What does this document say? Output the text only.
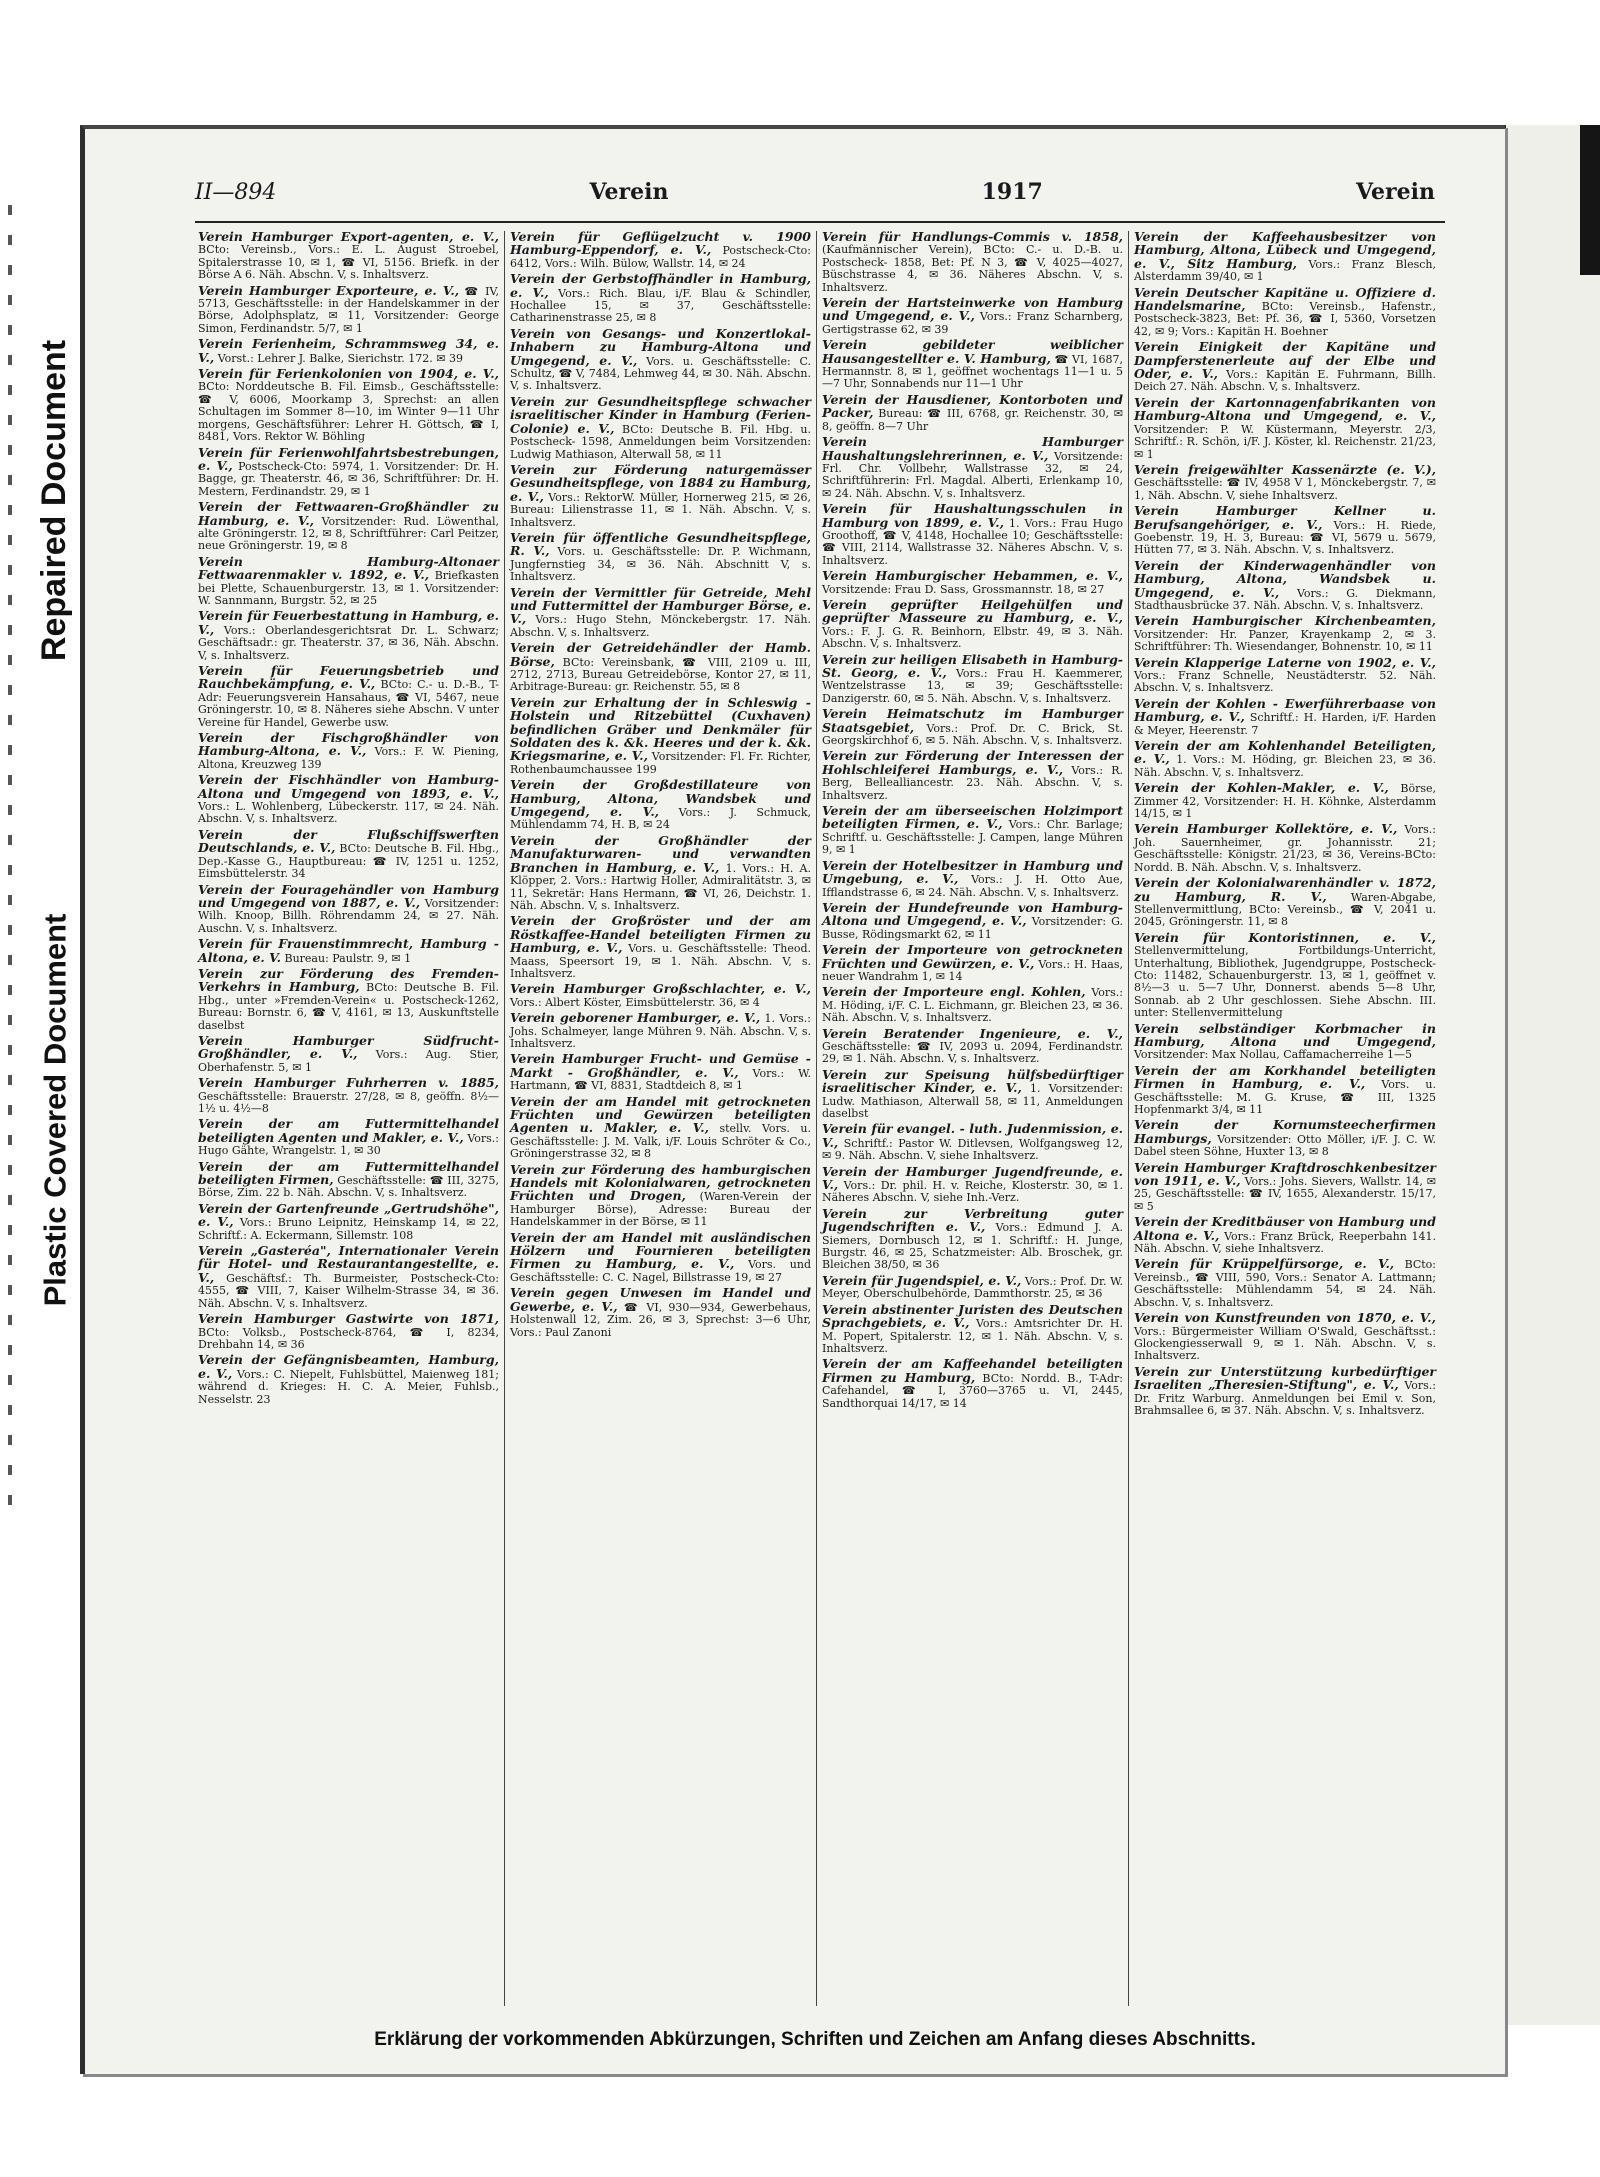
Repaired Document
Plastic Covered Document
II—894	Verein	1917	Verein

Verein Hamburger Export-agenten, e. V., BCto: Vereinsb., Vors.: E. L. August Stroebel, Spitalerstrasse 10, ✉ 1, ☎ VI, 5156. Briefk. in der Börse A 6. Näh. Abschn. V, s. Inhaltsverz.

Verein Hamburger Exporteure, e. V., ☎ IV, 5713, Geschäftsstelle: in der Handelskammer in der Börse, Adolphsplatz, ✉ 11, Vorsitzender: George Simon, Ferdinandstr. 5/7, ✉ 1

Verein Ferienheim, Schrammsweg 34, e. V., Vorst.: Lehrer J. Balke, Sierichstr. 172. ✉ 39

Verein für Ferienkolonien von 1904, e. V., BCto: Norddeutsche B. Fil. Eimsb., Geschäftsstelle: ☎ V, 6006, Moorkamp 3, Sprechst: an allen Schultagen im Sommer 8—10, im Winter 9—11 Uhr morgens, Geschäftsführer: Lehrer H. Göttsch, ☎ I, 8481, Vors. Rektor W. Böhling

Verein für Ferienwohlfahrtsbestrebungen, e. V., Postscheck-Cto: 5974, 1. Vorsitzender: Dr. H. Bagge, gr. Theaterstr. 46, ✉ 36, Schriftführer: Dr. H. Mestern, Ferdinandstr. 29, ✉ 1

Verein der Fettwaaren-Großhändler zu Hamburg, e. V., Vorsitzender: Rud. Löwenthal, alte Gröningerstr. 12, ✉ 8, Schriftführer: Carl Peitzer, neue Gröningerstr. 19, ✉ 8

Verein Hamburg-Altonaer Fettwaarenmakler v. 1892, e. V., Briefkasten bei Plette, Schauenburgerstr. 13, ✉ 1. Vorsitzender: W. Sannmann, Burgstr. 52, ✉ 25

Verein für Feuerbestattung in Hamburg, e. V., Vors.: Oberlandesgerichtsrat Dr. L. Schwarz; Geschäftsadr.: gr. Theaterstr. 37, ✉ 36, Näh. Abschn. V, s. Inhaltsverz.

Verein für Feuerungsbetrieb und Rauchbekämpfung, e. V., BCto: C.- u. D.-B., T-Adr: Feuerungsverein Hansahaus, ☎ VI, 5467, neue Gröningerstr. 10, ✉ 8. Näheres siehe Abschn. V unter Vereine für Handel, Gewerbe usw.

Verein der Fischgroßhändler von Hamburg-Altona, e. V., Vors.: F. W. Piening, Altona, Kreuzweg 139

Verein der Fischhändler von Hamburg-Altona und Umgegend von 1893, e. V., Vors.: L. Wohlenberg, Lübeckerstr. 117, ✉ 24. Näh. Abschn. V, s. Inhaltsverz.

Verein der Flußschiffswerften Deutschlands, e. V., BCto: Deutsche B. Fil. Hbg., Dep.-Kasse G., Hauptbureau: ☎ IV, 1251 u. 1252, Eimsbüttelerstr. 34

Verein der Fouragehändler von Hamburg und Umgegend von 1887, e. V., Vorsitzender: Wilh. Knoop, Billh. Röhrendamm 24, ✉ 27. Näh. Auschn. V, s. Inhaltsverz.

Verein für Frauenstimmrecht, Hamburg - Altona, e. V. Bureau: Paulstr. 9, ✉ 1

Verein zur Förderung des Fremden-Verkehrs in Hamburg, BCto: Deutsche B. Fil. Hbg., unter »Fremden-Verein« u. Postscheck-1262, Bureau: Bornstr. 6, ☎ V, 4161, ✉ 13, Auskunftstelle daselbst

Verein Hamburger Südfrucht-Großhändler, e. V., Vors.: Aug. Stier, Oberhafenstr. 5, ✉ 1

Verein Hamburger Fuhrherren v. 1885, Geschäftsstelle: Brauerstr. 27/28, ✉ 8, geöffn. 8½—1½ u. 4½—8

Verein der am Futtermittelhandel beteiligten Agenten und Makler, e. V., Vors.: Hugo Gähte, Wrangelstr. 1, ✉ 30

Verein der am Futtermittelhandel beteiligten Firmen, Geschäftsstelle: ☎ III, 3275, Börse, Zim. 22 b. Näh. Abschn. V, s. Inhaltsverz.

Verein der Gartenfreunde „Gertrudshöhe", e. V., Vors.: Bruno Leipnitz, Heinskamp 14, ✉ 22, Schriftf.: A. Eckermann, Sillemstr. 108

Verein „Gasteréa", Internationaler Verein für Hotel- und Restaurantangestellte, e. V., Geschäftsf.: Th. Burmeister, Postscheck-Cto: 4555, ☎ VIII, 7, Kaiser Wilhelm-Strasse 34, ✉ 36. Näh. Abschn. V, s. Inhaltsverz.

Verein Hamburger Gastwirte von 1871, BCto: Volksb., Postscheck-8764, ☎ I, 8234, Drehbahn 14, ✉ 36

Verein der Gefängnisbeamten, Hamburg, e. V., Vors.: C. Niepelt, Fuhlsbüttel, Maienweg 181; während d. Krieges: H. C. A. Meier, Fuhlsb., Nesselstr. 23

Verein für Geflügelzucht v. 1900 Hamburg-Eppendorf, e. V., Postscheck-Cto: 6412, Vors.: Wilh. Bülow, Wallstr. 14, ✉ 24

Verein der Gerbstoffhändler in Hamburg, e. V., Vors.: Rich. Blau, i/F. Blau & Schindler, Hochallee 15, ✉ 37, Geschäftsstelle: Catharinenstrasse 25, ✉ 8

Verein von Gesangs- und Konzertlokal-Inhabern zu Hamburg-Altona und Umgegend, e. V., Vors. u. Geschäftsstelle: C. Schultz, ☎ V, 7484, Lehmweg 44, ✉ 30. Näh. Abschn. V, s. Inhaltsverz.

Verein zur Gesundheitspflege schwacher israelitischer Kinder in Hamburg (Ferien-Colonie) e. V., BCto: Deutsche B. Fil. Hbg. u. Postscheck- 1598, Anmeldungen beim Vorsitzenden: Ludwig Mathiason, Alterwall 58, ✉ 11

Verein zur Förderung naturgemässer Gesundheitspflege, von 1884 zu Hamburg, e. V., Vors.: RektorW. Müller, Hornerweg 215, ✉ 26, Bureau: Lilienstrasse 11, ✉ 1. Näh. Abschn. V, s. Inhaltsverz.

Verein für öffentliche Gesundheitspflege, R. V., Vors. u. Geschäftsstelle: Dr. P. Wichmann, Jungfernstieg 34, ✉ 36. Näh. Abschnitt V, s. Inhaltsverz.

Verein der Vermittler für Getreide, Mehl und Futtermittel der Hamburger Börse, e. V., Vors.: Hugo Stehn, Mönckebergstr. 17. Näh. Abschn. V, s. Inhaltsverz.

Verein der Getreidehändler der Hamb. Börse, BCto: Vereinsbank, ☎ VIII, 2109 u. III, 2712, 2713, Bureau Getreidebörse, Kontor 27, ✉ 11, Arbitrage-Bureau: gr. Reichenstr. 55, ✉ 8

Verein zur Erhaltung der in Schleswig - Holstein und Ritzebüttel (Cuxhaven) befindlichen Gräber und Denkmäler für Soldaten des k. &k. Heeres und der k. &k. Kriegsmarine, e. V., Vorsitzender: Fl. Fr. Richter, Rothenbaumchaussee 199

Verein der Großdestillateure von Hamburg, Altona, Wandsbek und Umgegend, e. V., Vors.: J. Schmuck, Mühlendamm 74, H. B, ✉ 24

Verein der Großhändler der Manufakturwaren- und verwandten Branchen in Hamburg, e. V., 1. Vors.: H. A. Klöpper, 2. Vors.: Hartwig Holler, Admiralitätstr. 3, ✉ 11, Sekretär: Hans Hermann, ☎ VI, 26, Deichstr. 1. Näh. Abschn. V, s. Inhaltsverz.

Verein der Großröster und der am Röstkaffee-Handel beteiligten Firmen zu Hamburg, e. V., Vors. u. Geschäftsstelle: Theod. Maass, Speersort 19, ✉ 1. Näh. Abschn. V, s. Inhaltsverz.

Verein Hamburger Großschlachter, e. V., Vors.: Albert Köster, Eimsbüttelerstr. 36, ✉ 4

Verein geborener Hamburger, e. V., 1. Vors.: Johs. Schalmeyer, lange Mühren 9. Näh. Abschn. V, s. Inhaltsverz.

Verein Hamburger Frucht- und Gemüse - Markt - Großhändler, e. V., Vors.: W. Hartmann, ☎ VI, 8831, Stadtdeich 8, ✉ 1

Verein der am Handel mit getrockneten Früchten und Gewürzen beteiligten Agenten u. Makler, e. V., stellv. Vors. u. Geschäftsstelle: J. M. Valk, i/F. Louis Schröter & Co., Gröningerstrasse 32, ✉ 8

Verein zur Förderung des hamburgischen Handels mit Kolonialwaren, getrockneten Früchten und Drogen, (Waren-Verein der Hamburger Börse), Adresse: Bureau der Handelskammer in der Börse, ✉ 11

Verein der am Handel mit ausländischen Hölzern und Fournieren beteiligten Firmen zu Hamburg, e. V., Vors. und Geschäftsstelle: C. C. Nagel, Billstrasse 19, ✉ 27

Verein gegen Unwesen im Handel und Gewerbe, e. V., ☎ VI, 930—934, Gewerbehaus, Holstenwall 12, Zim. 26, ✉ 3, Sprechst: 3—6 Uhr, Vors.: Paul Zanoni

Verein für Handlungs-Commis v. 1858, (Kaufmännischer Verein), BCto: C.- u. D.-B. u. Postscheck- 1858, Bet: Pf. N 3, ☎ V, 4025—4027, Büschstrasse 4, ✉ 36. Näheres Abschn. V, s. Inhaltsverz.

Verein der Hartsteinwerke von Hamburg und Umgegend, e. V., Vors.: Franz Scharnberg, Gertigstrasse 62, ✉ 39

Verein gebildeter weiblicher Hausangestellter e. V. Hamburg, ☎ VI, 1687, Hermannstr. 8, ✉ 1, geöffnet wochentags 11—1 u. 5—7 Uhr, Sonnabends nur 11—1 Uhr

Verein der Hausdiener, Kontorboten und Packer, Bureau: ☎ III, 6768, gr. Reichenstr. 30, ✉ 8, geöffn. 8—7 Uhr

Verein Hamburger Haushaltungslehrerinnen, e. V., Vorsitzende: Frl. Chr. Vollbehr, Wallstrasse 32, ✉ 24, Schriftführerin: Frl. Magdal. Alberti, Erlenkamp 10, ✉ 24. Näh. Abschn. V, s. Inhaltsverz.

Verein für Haushaltungsschulen in Hamburg von 1899, e. V., 1. Vors.: Frau Hugo Groothoff, ☎ V, 4148, Hochallee 10; Geschäftsstelle: ☎ VIII, 2114, Wallstrasse 32. Näheres Abschn. V, s. Inhaltsverz.

Verein Hamburgischer Hebammen, e. V., Vorsitzende: Frau D. Sass, Grossmannstr. 18, ✉ 27

Verein geprüfter Heilgehülfen und geprüfter Masseure zu Hamburg, e. V., Vors.: F. J. G. R. Beinhorn, Elbstr. 49, ✉ 3. Näh. Abschn. V, s. Inhaltsverz.

Verein zur heiligen Elisabeth in Hamburg-St. Georg, e. V., Vors.: Frau H. Kaemmerer, Wentzelstrasse 13, ✉ 39; Geschäftsstelle: Danzigerstr. 60, ✉ 5. Näh. Abschn. V, s. Inhaltsverz.

Verein Heimatschutz im Hamburger Staatsgebiet, Vors.: Prof. Dr. C. Brick, St. Georgskirchhof 6, ✉ 5. Näh. Abschn. V, s. Inhaltsverz.

Verein zur Förderung der Interessen der Hohlschleiferei Hamburgs, e. V., Vors.: R. Berg, Bellealliancestr. 23. Näh. Abschn. V, s. Inhaltsverz.

Verein der am überseeischen Holzimport beteiligten Firmen, e. V., Vors.: Chr. Barlage; Schriftf. u. Geschäftsstelle: J. Campen, lange Mühren 9, ✉ 1

Verein der Hotelbesitzer in Hamburg und Umgebung, e. V., Vors.: J. H. Otto Aue, Ifflandstrasse 6, ✉ 24. Näh. Abschn. V, s. Inhaltsverz.

Verein der Hundefreunde von Hamburg-Altona und Umgegend, e. V., Vorsitzender: G. Busse, Rödingsmarkt 62, ✉ 11

Verein der Importeure von getrockneten Früchten und Gewürzen, e. V., Vors.: H. Haas, neuer Wandrahm 1, ✉ 14

Verein der Importeure engl. Kohlen, Vors.: M. Höding, i/F. C. L. Eichmann, gr. Bleichen 23, ✉ 36. Näh. Abschn. V, s. Inhaltsverz.

Verein Beratender Ingenieure, e. V., Geschäftsstelle: ☎ IV, 2093 u. 2094, Ferdinandstr. 29, ✉ 1. Näh. Abschn. V, s. Inhaltsverz.

Verein zur Speisung hülfsbedürftiger israelitischer Kinder, e. V., 1. Vorsitzender: Ludw. Mathiason, Alterwall 58, ✉ 11, Anmeldungen daselbst

Verein für evangel. - luth. Judenmission, e. V., Schriftf.: Pastor W. Ditlevsen, Wolfgangsweg 12, ✉ 9. Näh. Abschn. V, siehe Inhaltsverz.

Verein der Hamburger Jugendfreunde, e. V., Vors.: Dr. phil. H. v. Reiche, Klosterstr. 30, ✉ 1. Näheres Abschn. V, siehe Inh.-Verz.

Verein zur Verbreitung guter Jugendschriften e. V., Vors.: Edmund J. A. Siemers, Dornbusch 12, ✉ 1. Schriftf.: H. Junge, Burgstr. 46, ✉ 25, Schatzmeister: Alb. Broschek, gr. Bleichen 38/50, ✉ 36

Verein für Jugendspiel, e. V., Vors.: Prof. Dr. W. Meyer, Oberschulbehörde, Dammthorstr. 25, ✉ 36

Verein abstinenter Juristen des Deutschen Sprachgebiets, e. V., Vors.: Amtsrichter Dr. H. M. Popert, Spitalerstr. 12, ✉ 1. Näh. Abschn. V, s. Inhaltsverz.

Verein der am Kaffeehandel beteiligten Firmen zu Hamburg, BCto: Nordd. B., T-Adr: Cafehandel, ☎ I, 3760—3765 u. VI, 2445, Sandthorquai 14/17, ✉ 14

Verein der Kaffeehausbesitzer von Hamburg, Altona, Lübeck und Umgegend, e. V., Sitz Hamburg, Vors.: Franz Blesch, Alsterdamm 39/40, ✉ 1

Verein Deutscher Kapitäne u. Offiziere d. Handelsmarine, BCto: Vereinsb., Hafenstr., Postscheck-3823, Bet: Pf. 36, ☎ I, 5360, Vorsetzen 42, ✉ 9; Vors.: Kapitän H. Boehner

Verein Einigkeit der Kapitäne und Dampferstenerleute auf der Elbe und Oder, e. V., Vors.: Kapitän E. Fuhrmann, Billh. Deich 27. Näh. Abschn. V, s. Inhaltsverz.

Verein der Kartonnagenfabrikanten von Hamburg-Altona und Umgegend, e. V., Vorsitzender: P. W. Küstermann, Meyerstr. 2/3, Schriftf.: R. Schön, i/F. J. Köster, kl. Reichenstr. 21/23, ✉ 1

Verein freigewählter Kassenärzte (e. V.), Geschäftsstelle: ☎ IV, 4958 V 1, Mönckebergstr. 7, ✉ 1, Näh. Abschn. V, siehe Inhaltsverz.

Verein Hamburger Kellner u. Berufsangehöriger, e. V., Vors.: H. Riede, Goebenstr. 19, H. 3, Bureau: ☎ VI, 5679 u. 5679, Hütten 77, ✉ 3. Näh. Abschn. V, s. Inhaltsverz.

Verein der Kinderwagenhändler von Hamburg, Altona, Wandsbek u. Umgegend, e. V., Vors.: G. Diekmann, Stadthausbrücke 37. Näh. Abschn. V, s. Inhaltsverz.

Verein Hamburgischer Kirchenbeamten, Vorsitzender: Hr. Panzer, Krayenkamp 2, ✉ 3. Schriftführer: Th. Wiesendanger, Bohnenstr. 10, ✉ 11

Verein Klapperige Laterne von 1902, e. V., Vors.: Franz Schnelle, Neustädterstr. 52. Näh. Abschn. V, s. Inhaltsverz.

Verein der Kohlen - Ewerführerbaase von Hamburg, e. V., Schriftf.: H. Harden, i/F. Harden & Meyer, Heerenstr. 7

Verein der am Kohlenhandel Beteiligten, e. V., 1. Vors.: M. Höding, gr. Bleichen 23, ✉ 36. Näh. Abschn. V, s. Inhaltsverz.

Verein der Kohlen-Makler, e. V., Börse, Zimmer 42, Vorsitzender: H. H. Köhnke, Alsterdamm 14/15, ✉ 1

Verein Hamburger Kollektöre, e. V., Vors.: Joh. Sauernheimer, gr. Johannisstr. 21; Geschäftsstelle: Königstr. 21/23, ✉ 36, Vereins-BCto: Nordd. B. Näh. Abschn. V, s. Inhaltsverz.

Verein der Kolonialwarenhändler v. 1872, zu Hamburg, R. V., Waren-Abgabe, Stellenvermittlung, BCto: Vereinsb., ☎ V, 2041 u. 2045, Gröningerstr. 11, ✉ 8

Verein für Kontoristinnen, e. V., Stellenvermittelung, Fortbildungs-Unterricht, Unterhaltung, Bibliothek, Jugendgruppe, Postscheck-Cto: 11482, Schauenburgerstr. 13, ✉ 1, geöffnet v. 8½—3 u. 5—7 Uhr, Donnerst. abends 5—8 Uhr, Sonnab. ab 2 Uhr geschlossen. Siehe Abschn. III. unter: Stellenvermittelung

Verein selbständiger Korbmacher in Hamburg, Altona und Umgegend, Vorsitzender: Max Nollau, Caffamacherreihe 1—5

Verein der am Korkhandel beteiligten Firmen in Hamburg, e. V., Vors. u. Geschäftsstelle: M. G. Kruse, ☎ III, 1325 Hopfenmarkt 3/4, ✉ 11

Verein der Kornumsteecherfirmen Hamburgs, Vorsitzender: Otto Möller, i/F. J. C. W. Dabel steen Söhne, Huxter 13, ✉ 8

Verein Hamburger Kraftdroschkenbesitzer von 1911, e. V., Vors.: Johs. Sievers, Wallstr. 14, ✉ 25, Geschäftsstelle: ☎ IV, 1655, Alexanderstr. 15/17, ✉ 5

Verein der Kreditbäuser von Hamburg und Altona e. V., Vors.: Franz Brück, Reeperbahn 141. Näh. Abschn. V, siehe Inhaltsverz.

Verein für Krüppelfürsorge, e. V., BCto: Vereinsb., ☎ VIII, 590, Vors.: Senator A. Lattmann; Geschäftsstelle: Mühlendamm 54, ✉ 24. Näh. Abschn. V, s. Inhaltsverz.

Verein von Kunstfreunden von 1870, e. V., Vors.: Bürgermeister William O'Swald, Geschäftsst.: Glockengiesserwall 9, ✉ 1. Näh. Abschn. V, s. Inhaltsverz.

Verein zur Unterstützung kurbedürftiger Israeliten „Theresien-Stiftung", e. V., Vors.: Dr. Fritz Warburg. Anmeldungen bei Emil v. Son, Brahmsallee 6, ✉ 37. Näh. Abschn. V, s. Inhaltsverz.

Erklärung der vorkommenden Abkürzungen, Schriften und Zeichen am Anfang dieses Abschnitts.
